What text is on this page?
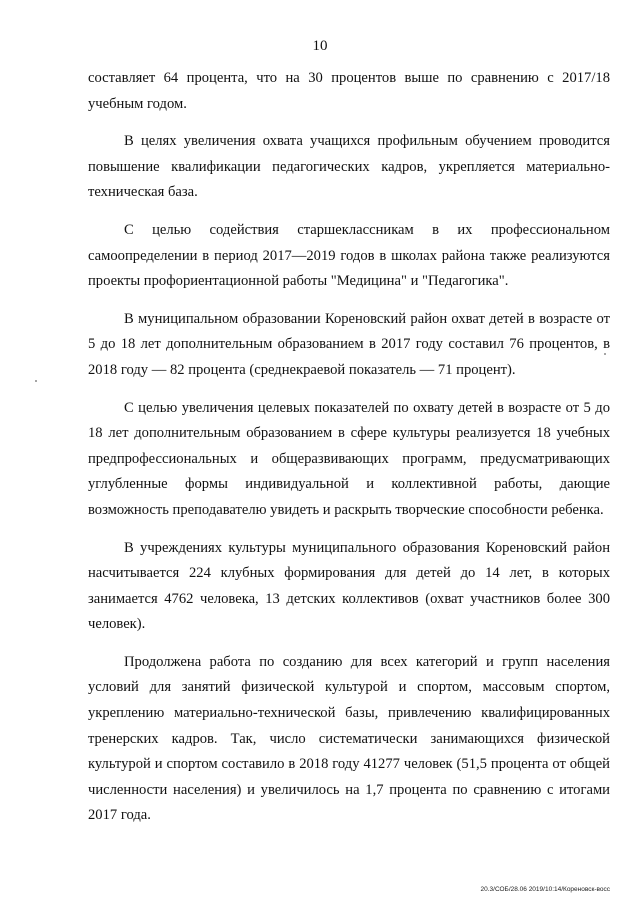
10

составляет 64 процента, что на 30 процентов выше по сравнению с 2017/18 учебным годом.

В целях увеличения охвата учащихся профильным обучением проводится повышение квалификации педагогических кадров, укрепляется материально-техническая база.

С целью содействия старшеклассникам в их профессиональном самоопределении в период 2017—2019 годов в школах района также реализуются проекты профориентационной работы "Медицина" и "Педагогика".

В муниципальном образовании Кореновский район охват детей в возрасте от 5 до 18 лет дополнительным образованием в 2017 году составил 76 процентов, в 2018 году — 82 процента (среднекраевой показатель — 71 процент).

С целью увеличения целевых показателей по охвату детей в возрасте от 5 до 18 лет дополнительным образованием в сфере культуры реализуется 18 учебных предпрофессиональных и общеразвивающих программ, предусматривающих углубленные формы индивидуальной и коллективной работы, дающие возможность преподавателю увидеть и раскрыть творческие способности ребенка.

В учреждениях культуры муниципального образования Кореновский район насчитывается 224 клубных формирования для детей до 14 лет, в которых занимается 4762 человека, 13 детских коллективов (охват участников более 300 человек).

Продолжена работа по созданию для всех категорий и групп населения условий для занятий физической культурой и спортом, массовым спортом, укреплению материально-технической базы, привлечению квалифицированных тренерских кадров. Так, число систематически занимающихся физической культурой и спортом составило в 2018 году 41277 человек (51,5 процента от общей численности населения) и увеличилось на 1,7 процента по сравнению с итогами 2017 года.

20.3/СОБ/28.06 2019/10:14/Кореновск-восс
